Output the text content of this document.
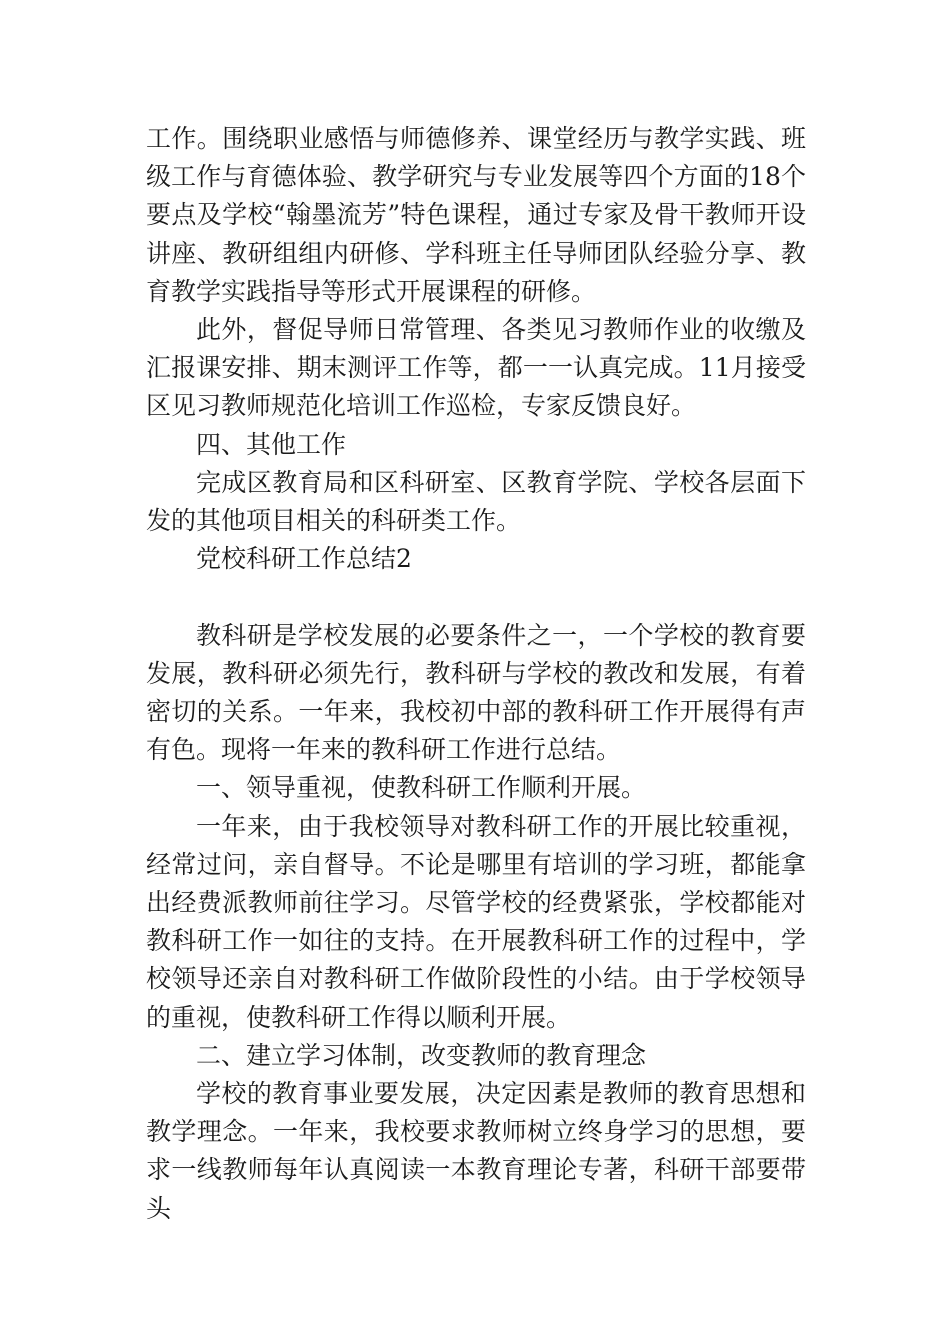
工作。围绕职业感悟与师德修养、课堂经历与教学实践、班级工作与育德体验、教学研究与专业发展等四个方面的18个要点及学校“翰墨流芳”特色课程，通过专家及骨干教师开设讲座、教研组组内研修、学科班主任导师团队经验分享、教育教学实践指导等形式开展课程的研修。

此外，督促导师日常管理、各类见习教师作业的收缴及汇报课安排、期末测评工作等，都一一认真完成。11月接受区见习教师规范化培训工作巡检，专家反馈良好。

四、其他工作

完成区教育局和区科研室、区教育学院、学校各层面下发的其他项目相关的科研类工作。

党校科研工作总结2

教科研是学校发展的必要条件之一，一个学校的教育要发展，教科研必须先行，教科研与学校的教改和发展，有着密切的关系。一年来，我校初中部的教科研工作开展得有声有色。现将一年来的教科研工作进行总结。

一、领导重视，使教科研工作顺利开展。

一年来，由于我校领导对教科研工作的开展比较重视，经常过问，亲自督导。不论是哪里有培训的学习班，都能拿出经费派教师前往学习。尽管学校的经费紧张，学校都能对教科研工作一如往的支持。在开展教科研工作的过程中，学校领导还亲自对教科研工作做阶段性的小结。由于学校领导的重视，使教科研工作得以顺利开展。

二、建立学习体制，改变教师的教育理念

学校的教育事业要发展，决定因素是教师的教育思想和教学理念。一年来，我校要求教师树立终身学习的思想，要求一线教师每年认真阅读一本教育理论专著，科研干部要带头
